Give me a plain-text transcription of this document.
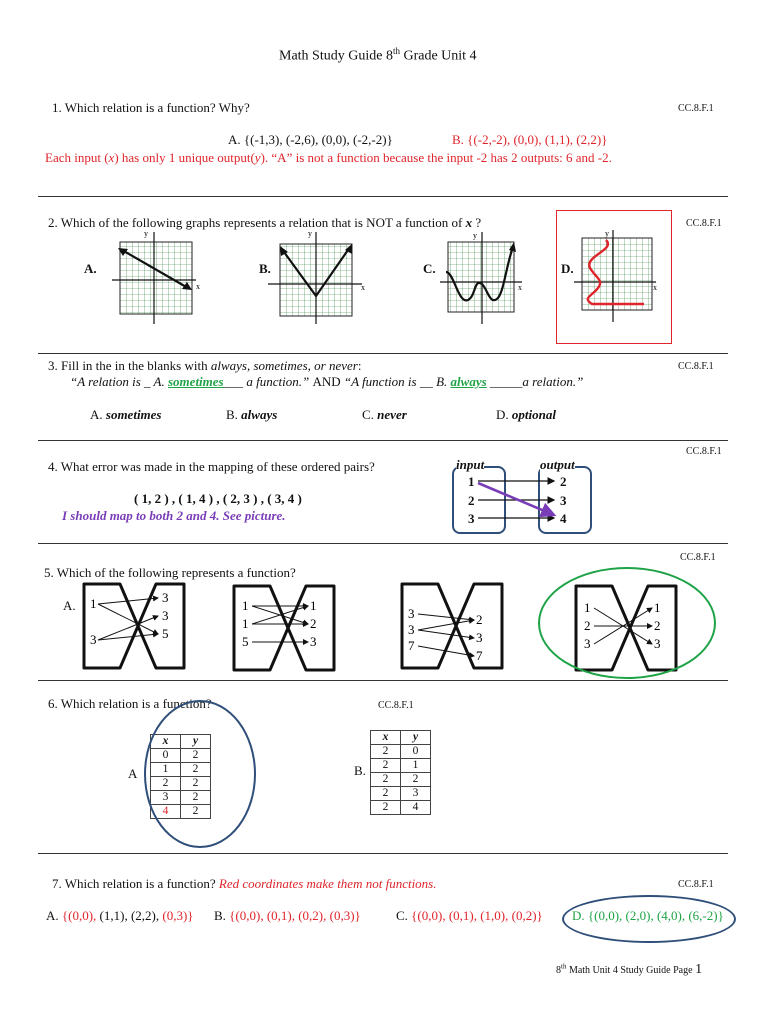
Math Study Guide 8th Grade Unit 4
1. Which relation is a function? Why?	CC.8.F.1
A. {(-1,3), (-2,6), (0,0), (-2,-2)}	B. {(-2,-2), (0,0), (1,1), (2,2)}
Each input (x) has only 1 unique output(y). “A” is not a function because the input -2 has 2 outputs: 6 and -2.
2. Which of the following graphs represents a relation that is NOT a function of x ?	CC.8.F.1
A.	B.	C.	D.
y
x
y
x
y
x
y
x
3. Fill in the in the blanks with always, sometimes, or never:	CC.8.F.1
“A relation is _ A. sometimes___ a function.” AND “A function is __ B. always _____a relation.”
A. sometimes	B. always	C. never	D. optional
CC.8.F.1
4. What error was made in the mapping of these ordered pairs?
( 1, 2 ) , ( 1, 4 ) , ( 2, 3 ) , ( 3, 4 )
I should map to both 2 and 4. See picture.
input	output
1
2
3
2
3
4
CC.8.F.1
5. Which of the following represents a function?
A. 1
3
3
3
5
1
1
5
1
2
3
3
3
7
2
3
7
1
2
3
1
2
3
6. Which relation is a function?	CC.8.F.1
A
x	y
0	2
1	2
2	2
3	2
4	2
B.
x	y
2	0
2	1
2	2
2	3
2	4
7. Which relation is a function? Red coordinates make them not functions.	CC.8.F.1
A. {(0,0), (1,1), (2,2), (0,3)} B. {(0,0), (0,1), (0,2), (0,3)}	C. {(0,0), (0,1), (1,0), (0,2)} D. {(0,0), (2,0), (4,0), (6,-2)}
8th Math Unit 4 Study Guide Page 1
